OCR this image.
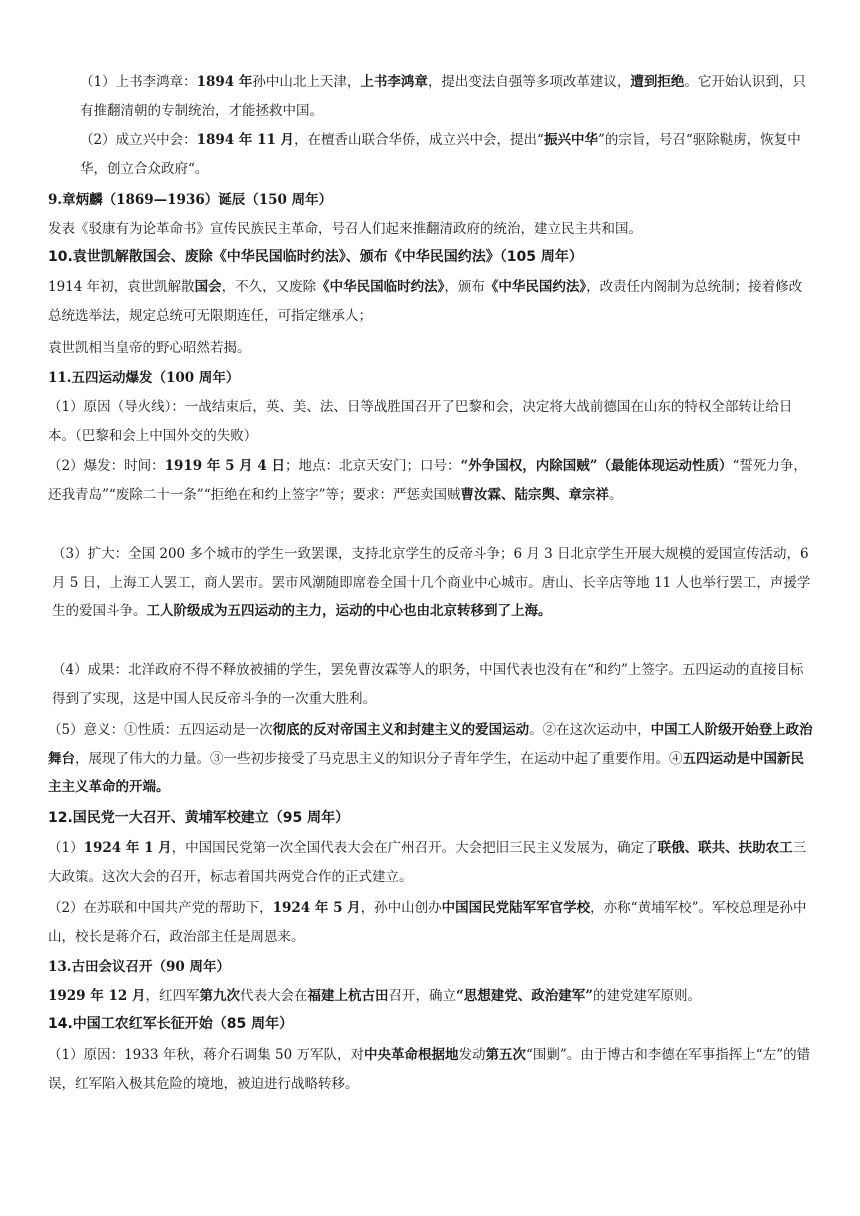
（1）上书李鸿章：1894 年孙中山北上天津，上书李鸿章，提出变法自强等多项改革建议，遭到拒绝。它开始认识到，只有推翻清朝的专制统治，才能拯救中国。

（2）成立兴中会：1894 年 11 月，在檀香山联合华侨，成立兴中会，提出“振兴中华”的宗旨，号召“驱除鞑虏，恢复中华，创立合众政府“。

9.章炳麟（1869—1936）诞辰（150 周年）

发表《驳康有为论革命书》宣传民族民主革命，号召人们起来推翻清政府的统治，建立民主共和国。

10.袁世凯解散国会、废除《中华民国临时约法》、颁布《中华民国约法》（105 周年）

1914 年初，袁世凯解散国会，不久，又废除《中华民国临时约法》，颁布《中华民国约法》，改责任内阁制为总统制；接着修改总统选举法，规定总统可无限期连任，可指定继承人；

袁世凯相当皇帝的野心昭然若揭。

11.五四运动爆发（100 周年）

（1）原因（导火线）：一战结束后，英、美、法、日等战胜国召开了巴黎和会，决定将大战前德国在山东的特权全部转让给日本。（巴黎和会上中国外交的失败）

（2）爆发：时间：1919 年 5 月 4 日；地点：北京天安门；口号：“外争国权，内除国贼”（最能体现运动性质）“誓死力争，还我青岛”“废除二十一条”“拒绝在和约上签字”等；要求：严惩卖国贼曹汝霖、陆宗舆、章宗祥。

（3）扩大：全国 200 多个城市的学生一致罢课，支持北京学生的反帝斗争；6 月 3 日北京学生开展大规模的爱国宣传活动，6 月 5 日，上海工人罢工，商人罢市。罢市风潮随即席卷全国十几个商业中心城市。唐山、长辛店等地 11 人也举行罢工，声援学生的爱国斗争。工人阶级成为五四运动的主力，运动的中心也由北京转移到了上海。

（4）成果：北洋政府不得不释放被捕的学生，罢免曹汝霖等人的职务，中国代表也没有在“和约”上签字。五四运动的直接目标得到了实现，这是中国人民反帝斗争的一次重大胜利。

（5）意义：①性质：五四运动是一次彻底的反对帝国主义和封建主义的爱国运动。②在这次运动中，中国工人阶级开始登上政治舞台，展现了伟大的力量。③一些初步接受了马克思主义的知识分子青年学生，在运动中起了重要作用。④五四运动是中国新民主主义革命的开端。

12.国民党一大召开、黄埔军校建立（95 周年）

（1）1924 年 1 月，中国国民党第一次全国代表大会在广州召开。大会把旧三民主义发展为，确定了联俄、联共、扶助农工三大政策。这次大会的召开，标志着国共两党合作的正式建立。

（2）在苏联和中国共产党的帮助下，1924 年 5 月，孙中山创办中国国民党陆军军官学校，亦称“黄埔军校”。军校总理是孙中山，校长是蒋介石，政治部主任是周恩来。

13.古田会议召开（90 周年）

1929 年 12 月，红四军第九次代表大会在福建上杭古田召开，确立“思想建党、政治建军”的建党建军原则。

14.中国工农红军长征开始（85 周年）

（1）原因：1933 年秋，蒋介石调集 50 万军队，对中央革命根据地发动第五次“围剿”。由于博古和李德在军事指挥上“左”的错误，红军陷入极其危险的境地，被迫进行战略转移。
